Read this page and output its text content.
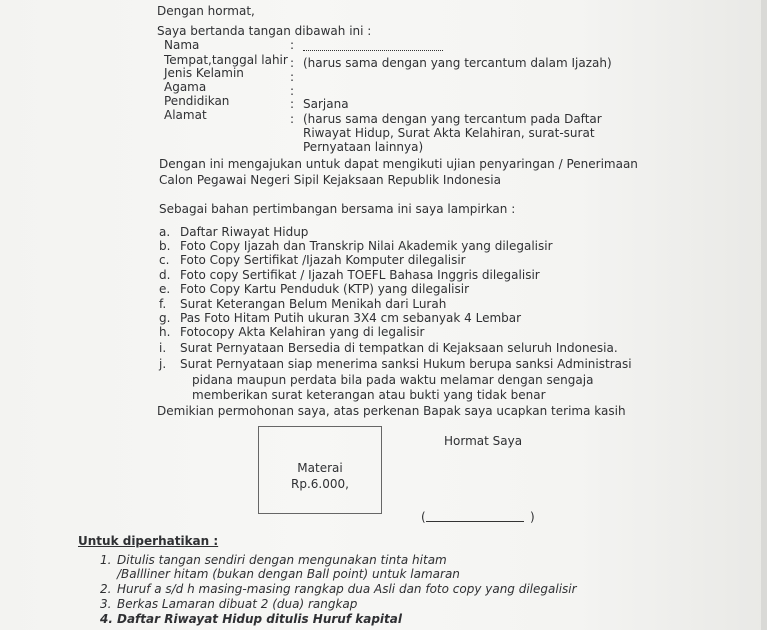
Dengan hormat,
Saya bertanda tangan dibawah ini :
Nama	:
Tempat,tanggal lahir : (harus sama dengan yang tercantum dalam Ijazah)
Jenis Kelamin	:
Agama	:
Pendidikan	: Sarjana
Alamat	: (harus sama dengan yang tercantum pada Daftar
Riwayat Hidup, Surat Akta Kelahiran, surat-surat
Pernyataan lainnya)
Dengan ini mengajukan untuk dapat mengikuti ujian penyaringan / Penerimaan
Calon Pegawai Negeri Sipil Kejaksaan Republik Indonesia
Sebagai bahan pertimbangan bersama ini saya lampirkan :
a. Daftar Riwayat Hidup
b. Foto Copy Ijazah dan Transkrip Nilai Akademik yang dilegalisir
c. Foto Copy Sertifikat /Ijazah Komputer dilegalisir
d. Foto copy Sertifikat / Ijazah TOEFL Bahasa Inggris dilegalisir
e. Foto Copy Kartu Penduduk (KTP) yang dilegalisir
f. Surat Keterangan Belum Menikah dari Lurah
g. Pas Foto Hitam Putih ukuran 3X4 cm sebanyak 4 Lembar
h. Fotocopy Akta Kelahiran yang di legalisir
i. Surat Pernyataan Bersedia di tempatkan di Kejaksaan seluruh Indonesia.
j. Surat Pernyataan siap menerima sanksi Hukum berupa sanksi Administrasi
pidana maupun perdata bila pada waktu melamar dengan sengaja
memberikan surat keterangan atau bukti yang tidak benar
Demikian permohonan saya, atas perkenan Bapak saya ucapkan terima kasih
Hormat Saya
Materai
Rp.6.000,
(	)
Untuk diperhatikan :
1. Ditulis tangan sendiri dengan mengunakan tinta hitam
/Ballliner hitam (bukan dengan Ball point) untuk lamaran
2. Huruf a s/d h masing-masing rangkap dua Asli dan foto copy yang dilegalisir
3. Berkas Lamaran dibuat 2 (dua) rangkap
4. Daftar Riwayat Hidup ditulis Huruf kapital
